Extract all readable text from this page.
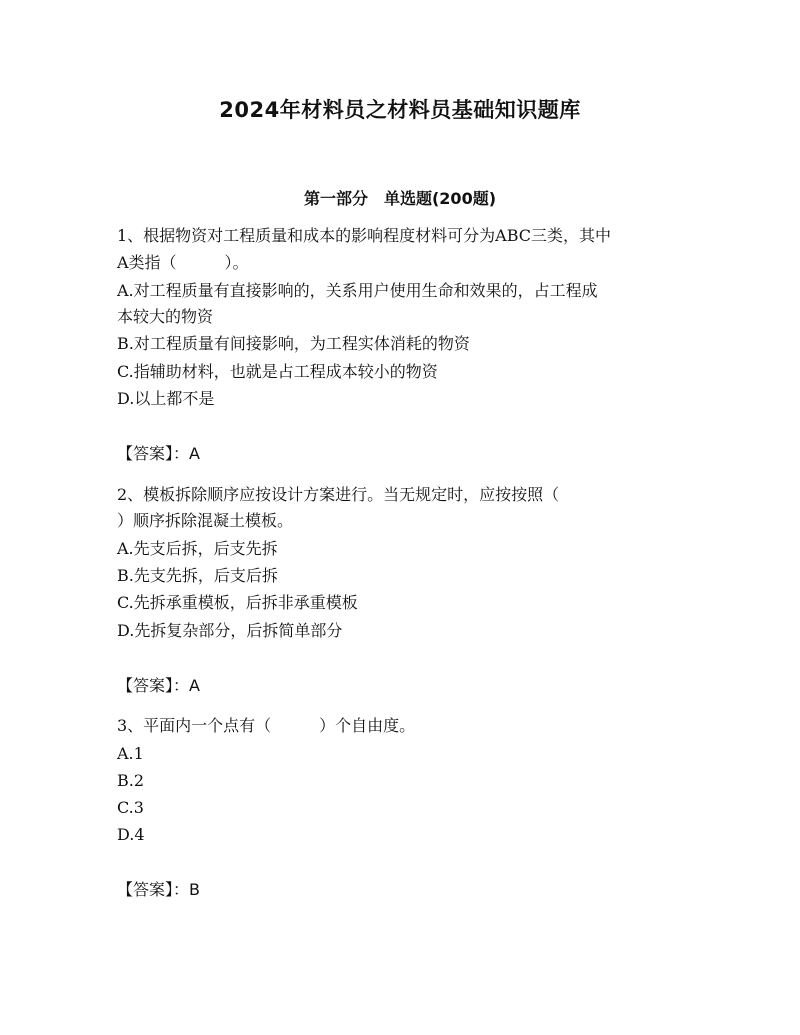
2024年材料员之材料员基础知识题库
第一部分　单选题(200题)
1、根据物资对工程质量和成本的影响程度材料可分为ABC三类，其中
A类指（　　　）。
A.对工程质量有直接影响的，关系用户使用生命和效果的，占工程成
本较大的物资
B.对工程质量有间接影响，为工程实体消耗的物资
C.指辅助材料，也就是占工程成本较小的物资
D.以上都不是
【答案】：A
2、模板拆除顺序应按设计方案进行。当无规定时，应按按照（
）顺序拆除混凝土模板。
A.先支后拆，后支先拆
B.先支先拆，后支后拆
C.先拆承重模板，后拆非承重模板
D.先拆复杂部分，后拆简单部分
【答案】：A
3、平面内一个点有（　　　）个自由度。
A.1
B.2
C.3
D.4
【答案】：B
